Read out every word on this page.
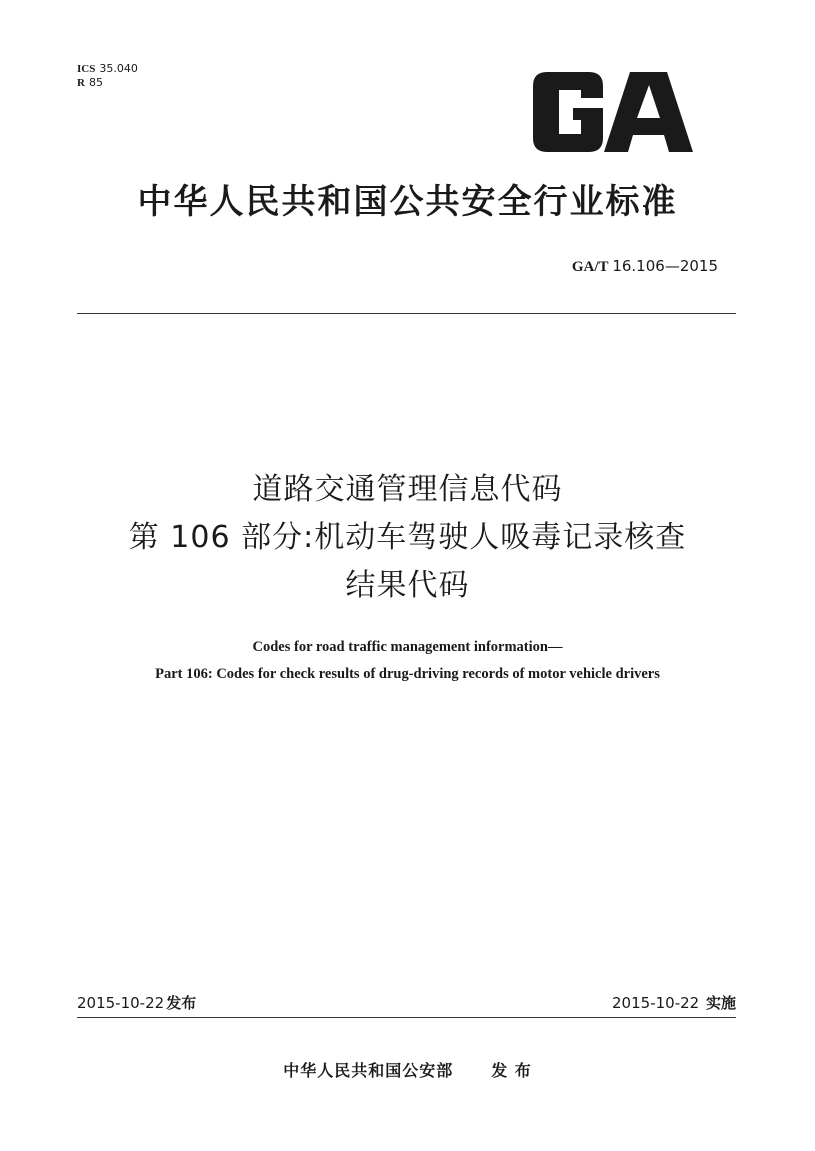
ICS 35.040
R 85
中华人民共和国公共安全行业标准
GA/T 16.106—2015
道路交通管理信息代码
第 106 部分:机动车驾驶人吸毒记录核查
结果代码
Codes for road traffic management information—
Part 106: Codes for check results of drug-driving records of motor vehicle drivers
2015-10-22 发布	2015-10-22 实施
中华人民共和国公安部 发 布
